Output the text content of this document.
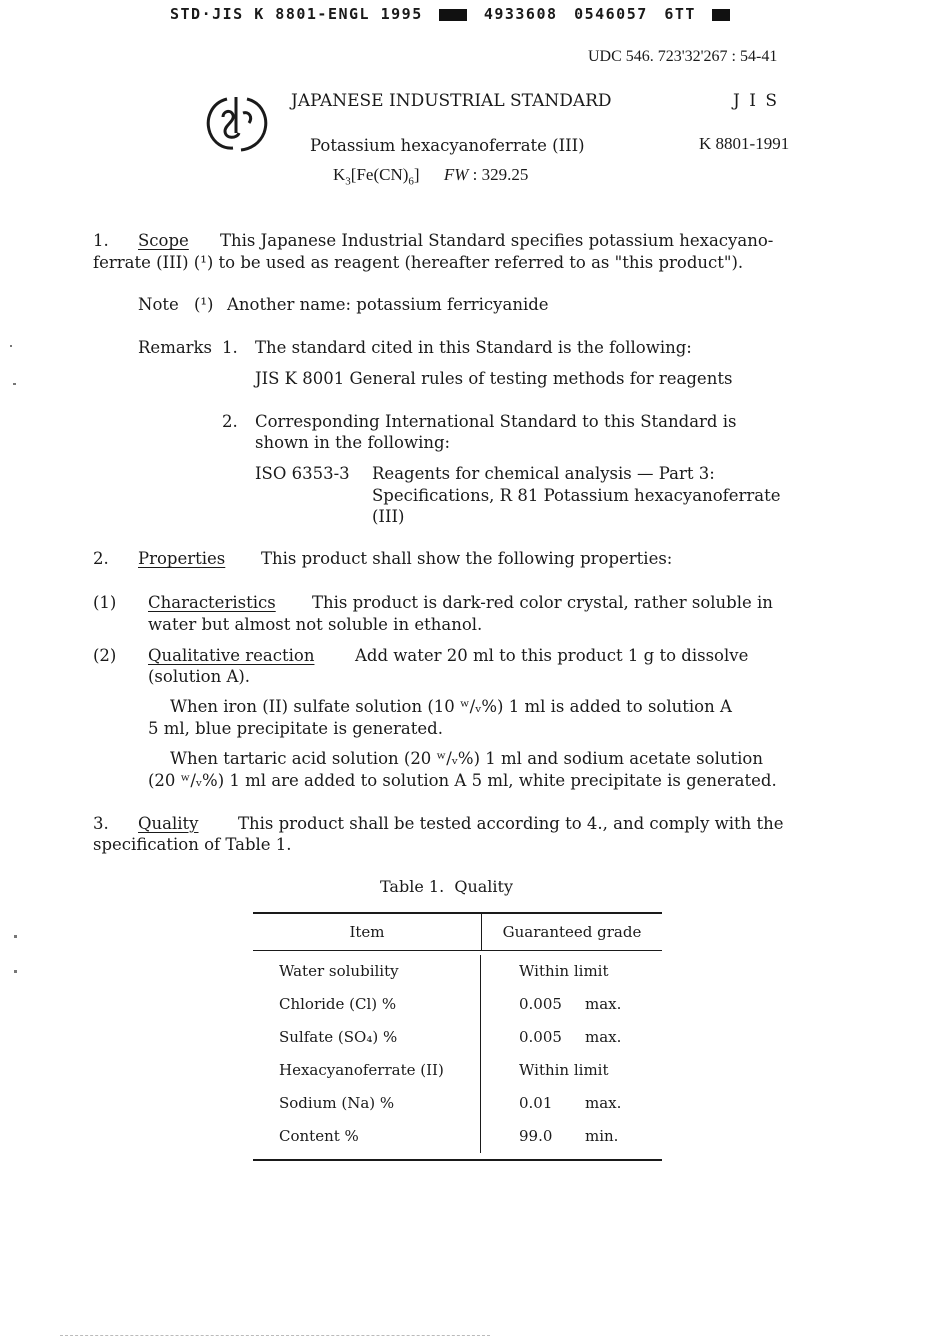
STD·JIS K 8801-ENGL 1995	4933608 0546057 6TT
UDC 546. 723'32'267 : 54-41
JAPANESE INDUSTRIAL STANDARD	J I S
Potassium hexacyanoferrate (III)	K 8801-1991
$K_3[Fe(CN)_6]$ FW : 329.25
1. Scope This Japanese Industrial Standard specifies potassium hexacyano-
ferrate (III) (¹) to be used as reagent (hereafter referred to as "this product").
Note (¹) Another name: potassium ferricyanide
Remarks 1. The standard cited in this Standard is the following:
JIS K 8001 General rules of testing methods for reagents
2. Corresponding International Standard to this Standard is
shown in the following:
ISO 6353-3 Reagents for chemical analysis — Part 3:
Specifications, R 81 Potassium hexacyanoferrate
(III)
2. Properties This product shall show the following properties:
(1) Characteristics This product is dark-red color crystal, rather soluble in
water but almost not soluble in ethanol.
(2) Qualitative reaction Add water 20 ml to this product 1 g to dissolve
(solution A).
When iron (II) sulfate solution (10 ʷ/ᵥ%) 1 ml is added to solution A
5 ml, blue precipitate is generated.
When tartaric acid solution (20 ʷ/ᵥ%) 1 ml and sodium acetate solution
(20 ʷ/ᵥ%) 1 ml are added to solution A 5 ml, white precipitate is generated.
3. Quality This product shall be tested according to 4., and comply with the
specification of Table 1.
Table 1.  Quality
Item	Guaranteed grade
Water solubility	Within limit
Chloride (Cl) %	0.005	max.
Sulfate (SO₄) %	0.005	max.
Hexacyanoferrate (II)	Within limit
Sodium (Na) %	0.01	max.
Content %	99.0	min.
